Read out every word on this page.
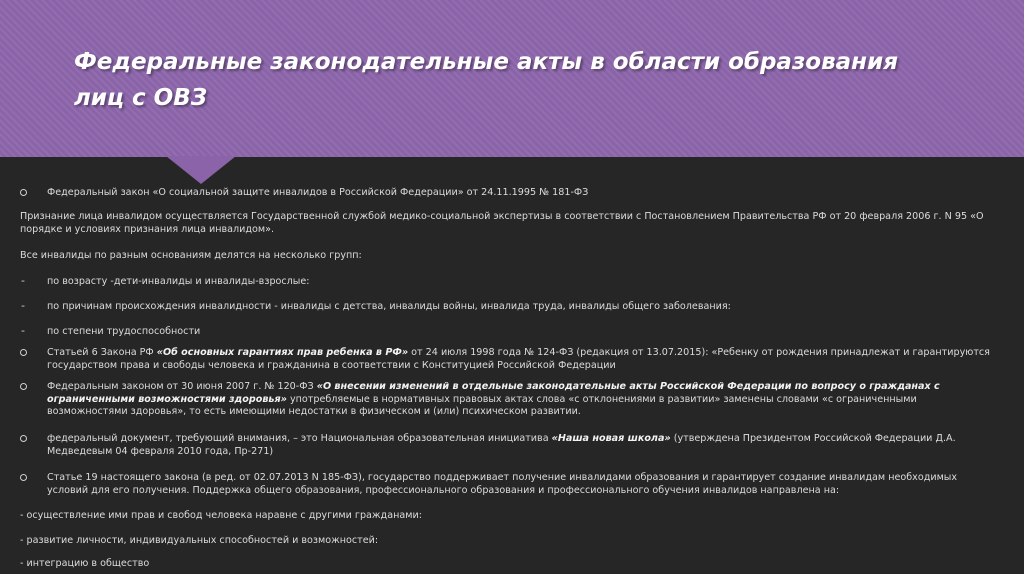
Федеральные законодательные акты в области образования
лиц с ОВЗ
Федеральный закон «О социальной защите инвалидов в Российской Федерации» от 24.11.1995 № 181-ФЗ
Признание лица инвалидом осуществляется Государственной службой медико-социальной экспертизы в соответствии с Постановлением Правительства РФ от 20 февраля 2006 г. N 95 «О порядке и условиях признания лица инвалидом».
Все инвалиды по разным основаниям делятся на несколько групп:
- по возрасту -дети-инвалиды и инвалиды-взрослые:
- по причинам происхождения инвалидности - инвалиды с детства, инвалиды войны, инвалида труда, инвалиды общего заболевания:
- по степени трудоспособности
Статьей 6 Закона РФ «Об основных гарантиях прав ребенка в РФ» от 24 июля 1998 года № 124-ФЗ (редакция от 13.07.2015): «Ребенку от рождения принадлежат и гарантируются государством права и свободы человека и гражданина в соответствии с Конституцией Российской Федерации
Федеральным законом от 30 июня 2007 г. № 120-ФЗ «О внесении изменений в отдельные законодательные акты Российской Федерации по вопросу о гражданах с ограниченными возможностями здоровья» употребляемые в нормативных правовых актах слова «с отклонениями в развитии» заменены словами «с ограниченными возможностями здоровья», то есть имеющими недостатки в физическом и (или) психическом развитии.
федеральный документ, требующий внимания, – это Национальная образовательная инициатива «Наша новая школа» (утверждена Президентом Российской Федерации Д.А. Медведевым 04 февраля 2010 года, Пр-271)
Статье 19 настоящего закона (в ред. от 02.07.2013 N 185-ФЗ), государство поддерживает получение инвалидами образования и гарантирует создание инвалидам необходимых условий для его получения. Поддержка общего образования, профессионального образования и профессионального обучения инвалидов направлена на:
- осуществление ими прав и свобод человека наравне с другими гражданами:
- развитие личности, индивидуальных способностей и возможностей:
- интеграцию в общество
